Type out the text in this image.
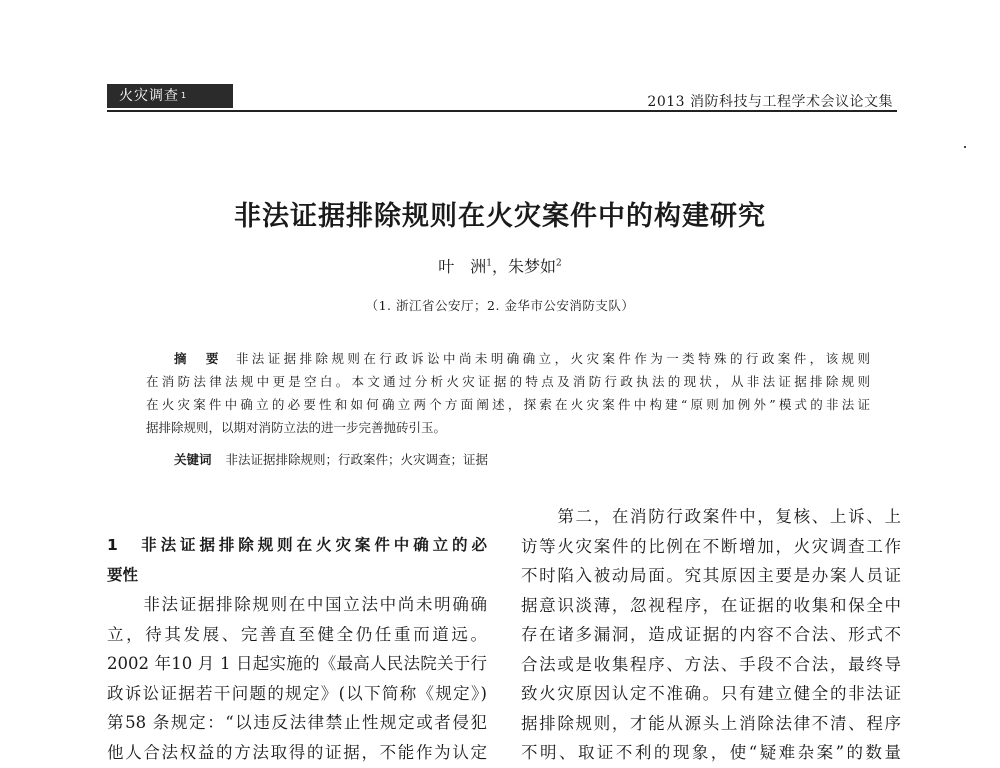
火灾调查 $^1$	2013 消防科技与工程学术会议论文集
非法证据排除规则在火灾案件中的构建研究
叶　洲$^1$，朱梦如$^2$
（1. 浙江省公安厅；2. 金华市公安消防支队）
摘　要 非法证据排除规则在行政诉讼中尚未明确确立，火灾案件作为一类特殊的行政案件，该规则
在消防法律法规中更是空白。本文通过分析火灾证据的特点及消防行政执法的现状，从非法证据排除规则
在火灾案件中确立的必要性和如何确立两个方面阐述，探索在火灾案件中构建“原则加例外”模式的非法证
据排除规则，以期对消防立法的进一步完善抛砖引玉。
关键词 非法证据排除规则；行政案件；火灾调查；证据
1　非法证据排除规则在火灾案件中确立的必
要性
　　非法证据排除规则在中国立法中尚未明确确
立，待其发展、完善直至健全仍任重而道远。
2002 年10 月 1 日起实施的《最高人民法院关于行
政诉讼证据若干问题的规定》(以下简称《规定》)
第58 条规定：“以违反法律禁止性规定或者侵犯
他人合法权益的方法取得的证据，不能作为认定
　　第二，在消防行政案件中，复核、上诉、上
访等火灾案件的比例在不断增加，火灾调查工作
不时陷入被动局面。究其原因主要是办案人员证
据意识淡薄，忽视程序，在证据的收集和保全中
存在诸多漏洞，造成证据的内容不合法、形式不
合法或是收集程序、方法、手段不合法，最终导
致火灾原因认定不准确。只有建立健全的非法证
据排除规则，才能从源头上消除法律不清、程序
不明、取证不利的现象，使“疑难杂案”的数量
